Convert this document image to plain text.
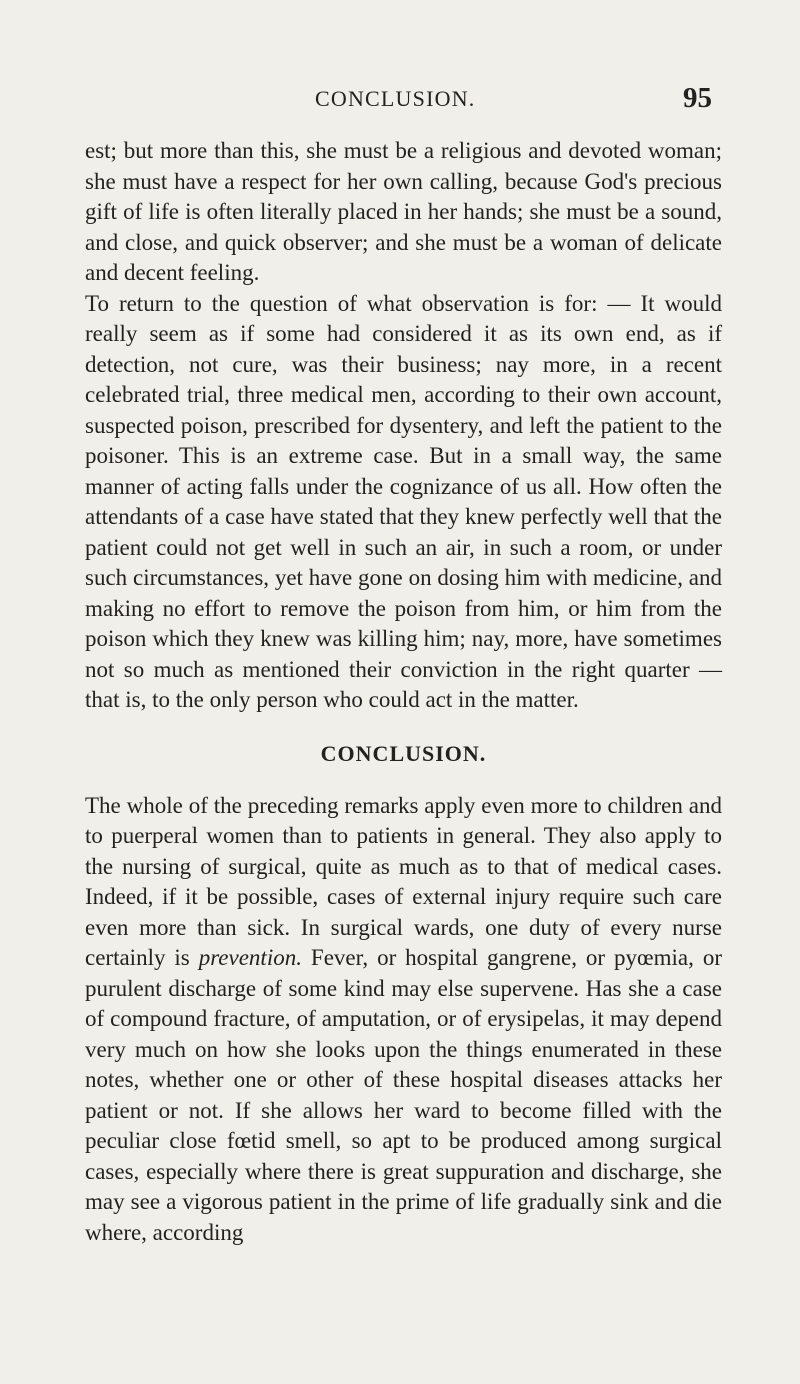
CONCLUSION.	95

est; but more than this, she must be a religious and devoted woman; she must have a respect for her own calling, because God's precious gift of life is often literally placed in her hands; she must be a sound, and close, and quick observer; and she must be a woman of delicate and decent feeling.

To return to the question of what observation is for: — It would really seem as if some had considered it as its own end, as if detection, not cure, was their business; nay more, in a recent celebrated trial, three medical men, according to their own account, suspected poison, prescribed for dysentery, and left the patient to the poisoner. This is an extreme case. But in a small way, the same manner of acting falls under the cognizance of us all. How often the attendants of a case have stated that they knew perfectly well that the patient could not get well in such an air, in such a room, or under such circumstances, yet have gone on dosing him with medicine, and making no effort to remove the poison from him, or him from the poison which they knew was killing him; nay, more, have sometimes not so much as mentioned their conviction in the right quarter — that is, to the only person who could act in the matter.

CONCLUSION.

The whole of the preceding remarks apply even more to children and to puerperal women than to patients in general. They also apply to the nursing of surgical, quite as much as to that of medical cases. Indeed, if it be possible, cases of external injury require such care even more than sick. In surgical wards, one duty of every nurse certainly is prevention. Fever, or hospital gangrene, or pyœmia, or purulent discharge of some kind may else supervene. Has she a case of compound fracture, of amputation, or of erysipelas, it may depend very much on how she looks upon the things enumerated in these notes, whether one or other of these hospital diseases attacks her patient or not. If she allows her ward to become filled with the peculiar close fœtid smell, so apt to be produced among surgical cases, especially where there is great suppuration and discharge, she may see a vigorous patient in the prime of life gradually sink and die where, according
